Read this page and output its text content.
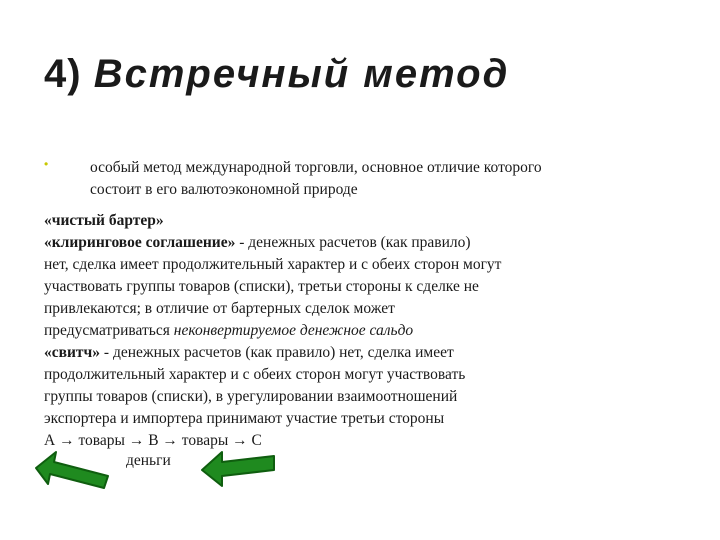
4) Встречный метод
•	особый метод международной торговли, основное отличие которого
состоит в его валютоэкономной природе
«чистый бартер»
«клиринговое соглашение» - денежных расчетов (как правило)
нет, сделка имеет продолжительный характер и с обеих сторон могут
участвовать группы товаров (списки), третьи стороны к сделке не
привлекаются; в отличие от бартерных сделок может
предусматриваться неконвертируемое денежное сальдо
«свитч» - денежных расчетов (как правило) нет, сделка имеет
продолжительный характер и с обеих сторон могут участвовать
группы товаров (списки), в урегулировании взаимоотношений
экспортера и импортера принимают участие третьи стороны
А → товары → В → товары → С
деньги
